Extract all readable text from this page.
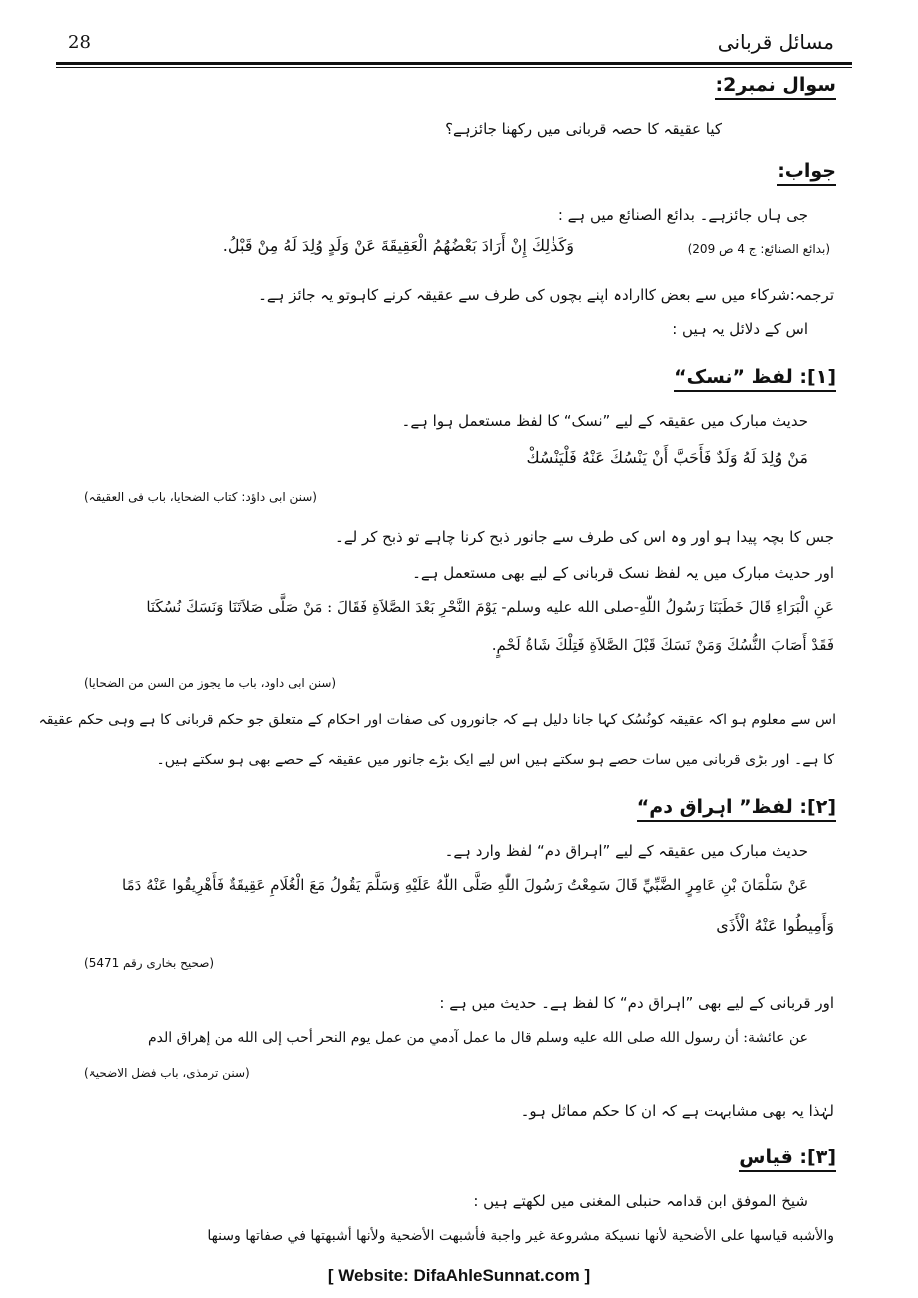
28	مسائل قربانی
سوال نمبر2:
کیا عقیقہ کا حصہ قربانی میں رکھنا جائزہے؟
جواب:
جی ہاں جائزہے۔ بدائع الصنائع میں ہے :
وَكَذٰلِكَ إِنْ أَرَادَ بَعْضُهُمُ الْعَقِيقَةَ عَنْ وَلَدٍ وُلِدَ لَهُ مِنْ قَبْلُ.	(بدائع الصنائع: ج 4 ص 209)
ترجمہ:شرکاء میں سے بعض کاارادہ اپنے بچوں کی طرف سے عقیقہ کرنے کاہوتو یہ جائز ہے۔
اس کے دلائل یہ ہیں :
[۱]: لفظ ”نسک“
حدیث مبارک میں عقیقہ کے لیے ”نسک“ کا لفظ مستعمل ہوا ہے۔
مَنْ وُلِدَ لَهُ وَلَدٌ فَأَحَبَّ أَنْ يَنْسُكَ عَنْهُ فَلْيَنْسُكْ
(سنن ابی داؤد: کتاب الضحایا، باب فی العقیقہ)
جس کا بچہ پیدا ہو اور وہ اس کی طرف سے جانور ذبح کرنا چاہے تو ذبح کر لے۔
اور حدیث مبارک میں یہ لفظ نسک قربانی کے لیے بھی مستعمل ہے۔
عَنِ الْبَرَاءِ قَالَ خَطَبَنَا رَسُولُ اللّٰهِ-صلی الله علیه وسلم- يَوْمَ النَّحْرِ بَعْدَ الصَّلاَةِ فَقَالَ : مَنْ صَلَّى صَلاَتَنَا وَنَسَكَ نُسُكَنَا
فَقَدْ أَصَابَ النُّسُكَ وَمَنْ نَسَكَ قَبْلَ الصَّلاَةِ فَتِلْكَ شَاةُ لَحْمٍ.
(سنن ابی داود، باب ما یجوز من السن من الضحایا)
اس سے معلوم ہو اکہ عقیقہ کونُسُک کہا جانا دلیل ہے کہ جانوروں کی صفات اور احکام کے متعلق جو حکم قربانی کا ہے وہی حکم عقیقہ
کا ہے۔ اور بڑی قربانی میں سات حصے ہو سکتے ہیں اس لیے ایک بڑے جانور میں عقیقہ کے حصے بھی ہو سکتے ہیں۔
[۲]: لفظ” اہراق دم“
حدیث مبارک میں عقیقہ کے لیے ”اہراق دم“ لفظ وارد ہے۔
عَنْ سَلْمَانَ بْنِ عَامِرٍ الضَّبِّيِّ قَالَ سَمِعْتُ رَسُولَ اللّٰهِ صَلَّى اللّٰهُ عَلَيْهِ وَسَلَّمَ يَقُولُ مَعَ الْغُلَامِ عَقِيقَةٌ فَأَهْرِيقُوا عَنْهُ دَمًا
وَأَمِيطُوا عَنْهُ الْأَذَى
(صحیح بخاری رقم 5471)
اور قربانی کے لیے بھی ”اہراق دم“ کا لفظ ہے۔ حدیث میں ہے :
عن عائشة: أن رسول الله صلى الله عليه وسلم قال ما عمل آدمي من عمل يوم النحر أحب إلى الله من إهراق الدم
(سنن ترمذی، باب فضل الاضحیۃ)
لہٰذا یہ بھی مشابہت ہے کہ ان کا حکم مماثل ہو۔
[۳]: قیاس
شیخ الموفق ابن قدامہ حنبلی المغنی میں لکھتے ہیں :
والأشبه قياسها على الأضحية لأنها نسيكة مشروعة غير واجبة فأشبهت الأضحية ولأنها أشبهتها في صفاتها وسنها
[ Website: DifaAhleSunnat.com ]
